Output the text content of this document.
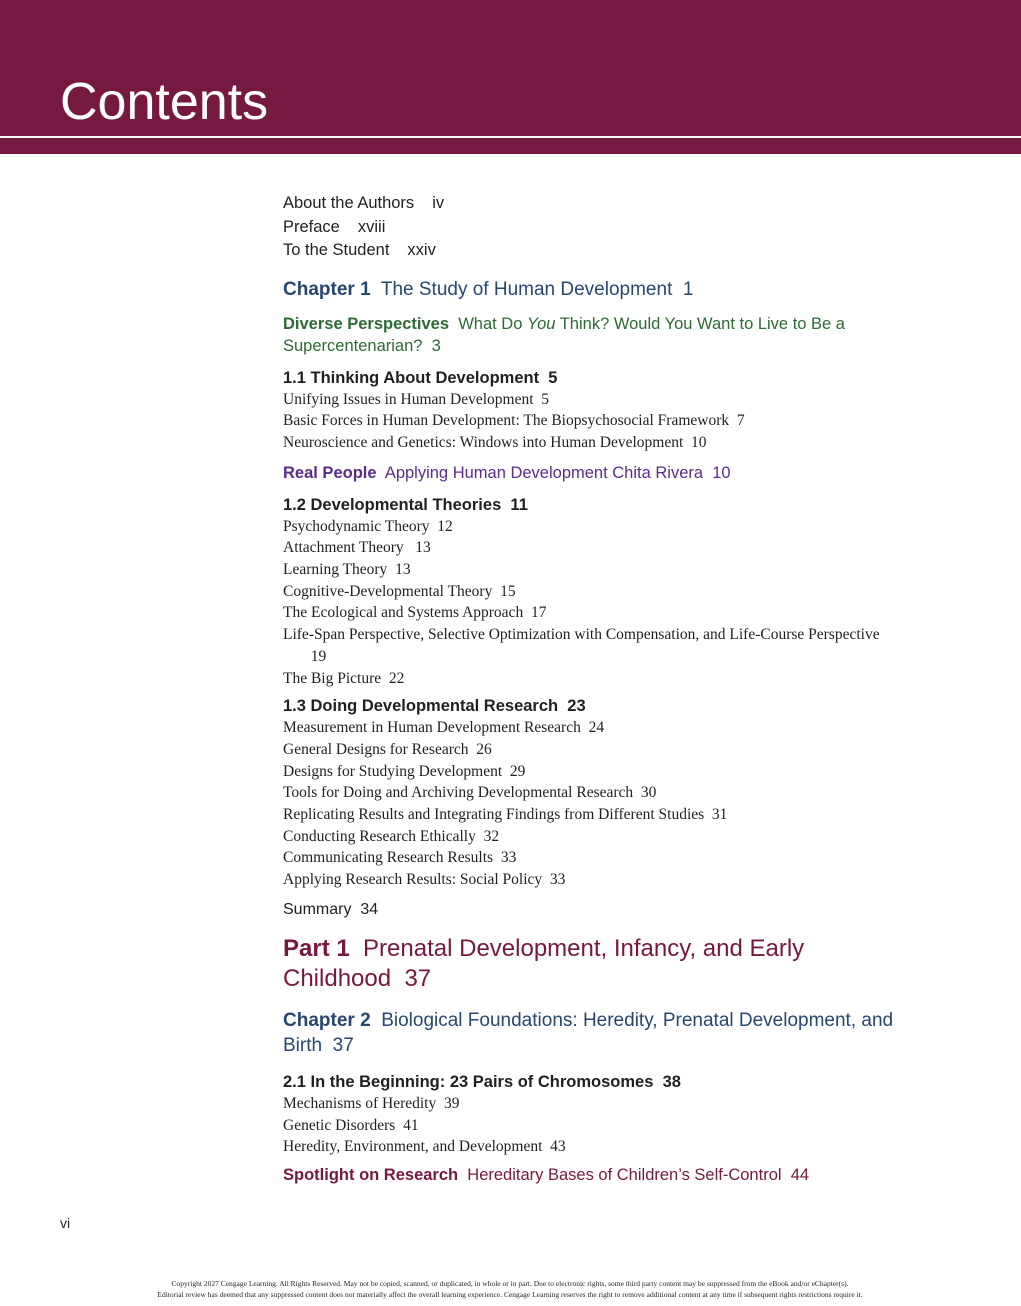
Contents
About the Authors iv
Preface xviii
To the Student xxiv
Chapter 1 The Study of Human Development 1
Diverse Perspectives What Do You Think? Would You Want to Live to Be a Supercentenarian? 3
1.1 Thinking About Development 5
Unifying Issues in Human Development 5
Basic Forces in Human Development: The Biopsychosocial Framework 7
Neuroscience and Genetics: Windows into Human Development 10
Real People Applying Human Development Chita Rivera 10
1.2 Developmental Theories 11
Psychodynamic Theory 12
Attachment Theory   13
Learning Theory 13
Cognitive-Developmental Theory 15
The Ecological and Systems Approach 17
Life-Span Perspective, Selective Optimization with Compensation, and Life-Course Perspective  19
The Big Picture 22
1.3 Doing Developmental Research 23
Measurement in Human Development Research 24
General Designs for Research 26
Designs for Studying Development 29
Tools for Doing and Archiving Developmental Research 30
Replicating Results and Integrating Findings from Different Studies 31
Conducting Research Ethically 32
Communicating Research Results 33
Applying Research Results: Social Policy 33
Summary 34
Part 1 Prenatal Development, Infancy, and Early Childhood 37
Chapter 2 Biological Foundations: Heredity, Prenatal Development, and Birth 37
2.1 In the Beginning: 23 Pairs of Chromosomes 38
Mechanisms of Heredity 39
Genetic Disorders 41
Heredity, Environment, and Development 43
Spotlight on Research Hereditary Bases of Children’s Self-Control 44
vi
Copyright 2027 Cengage Learning. All Rights Reserved. May not be copied, scanned, or duplicated, in whole or in part. Due to electronic rights, some third party content may be suppressed from the eBook and/or eChapter(s).
Editorial review has deemed that any suppressed content does not materially affect the overall learning experience. Cengage Learning reserves the right to remove additional content at any time if subsequent rights restrictions require it.
